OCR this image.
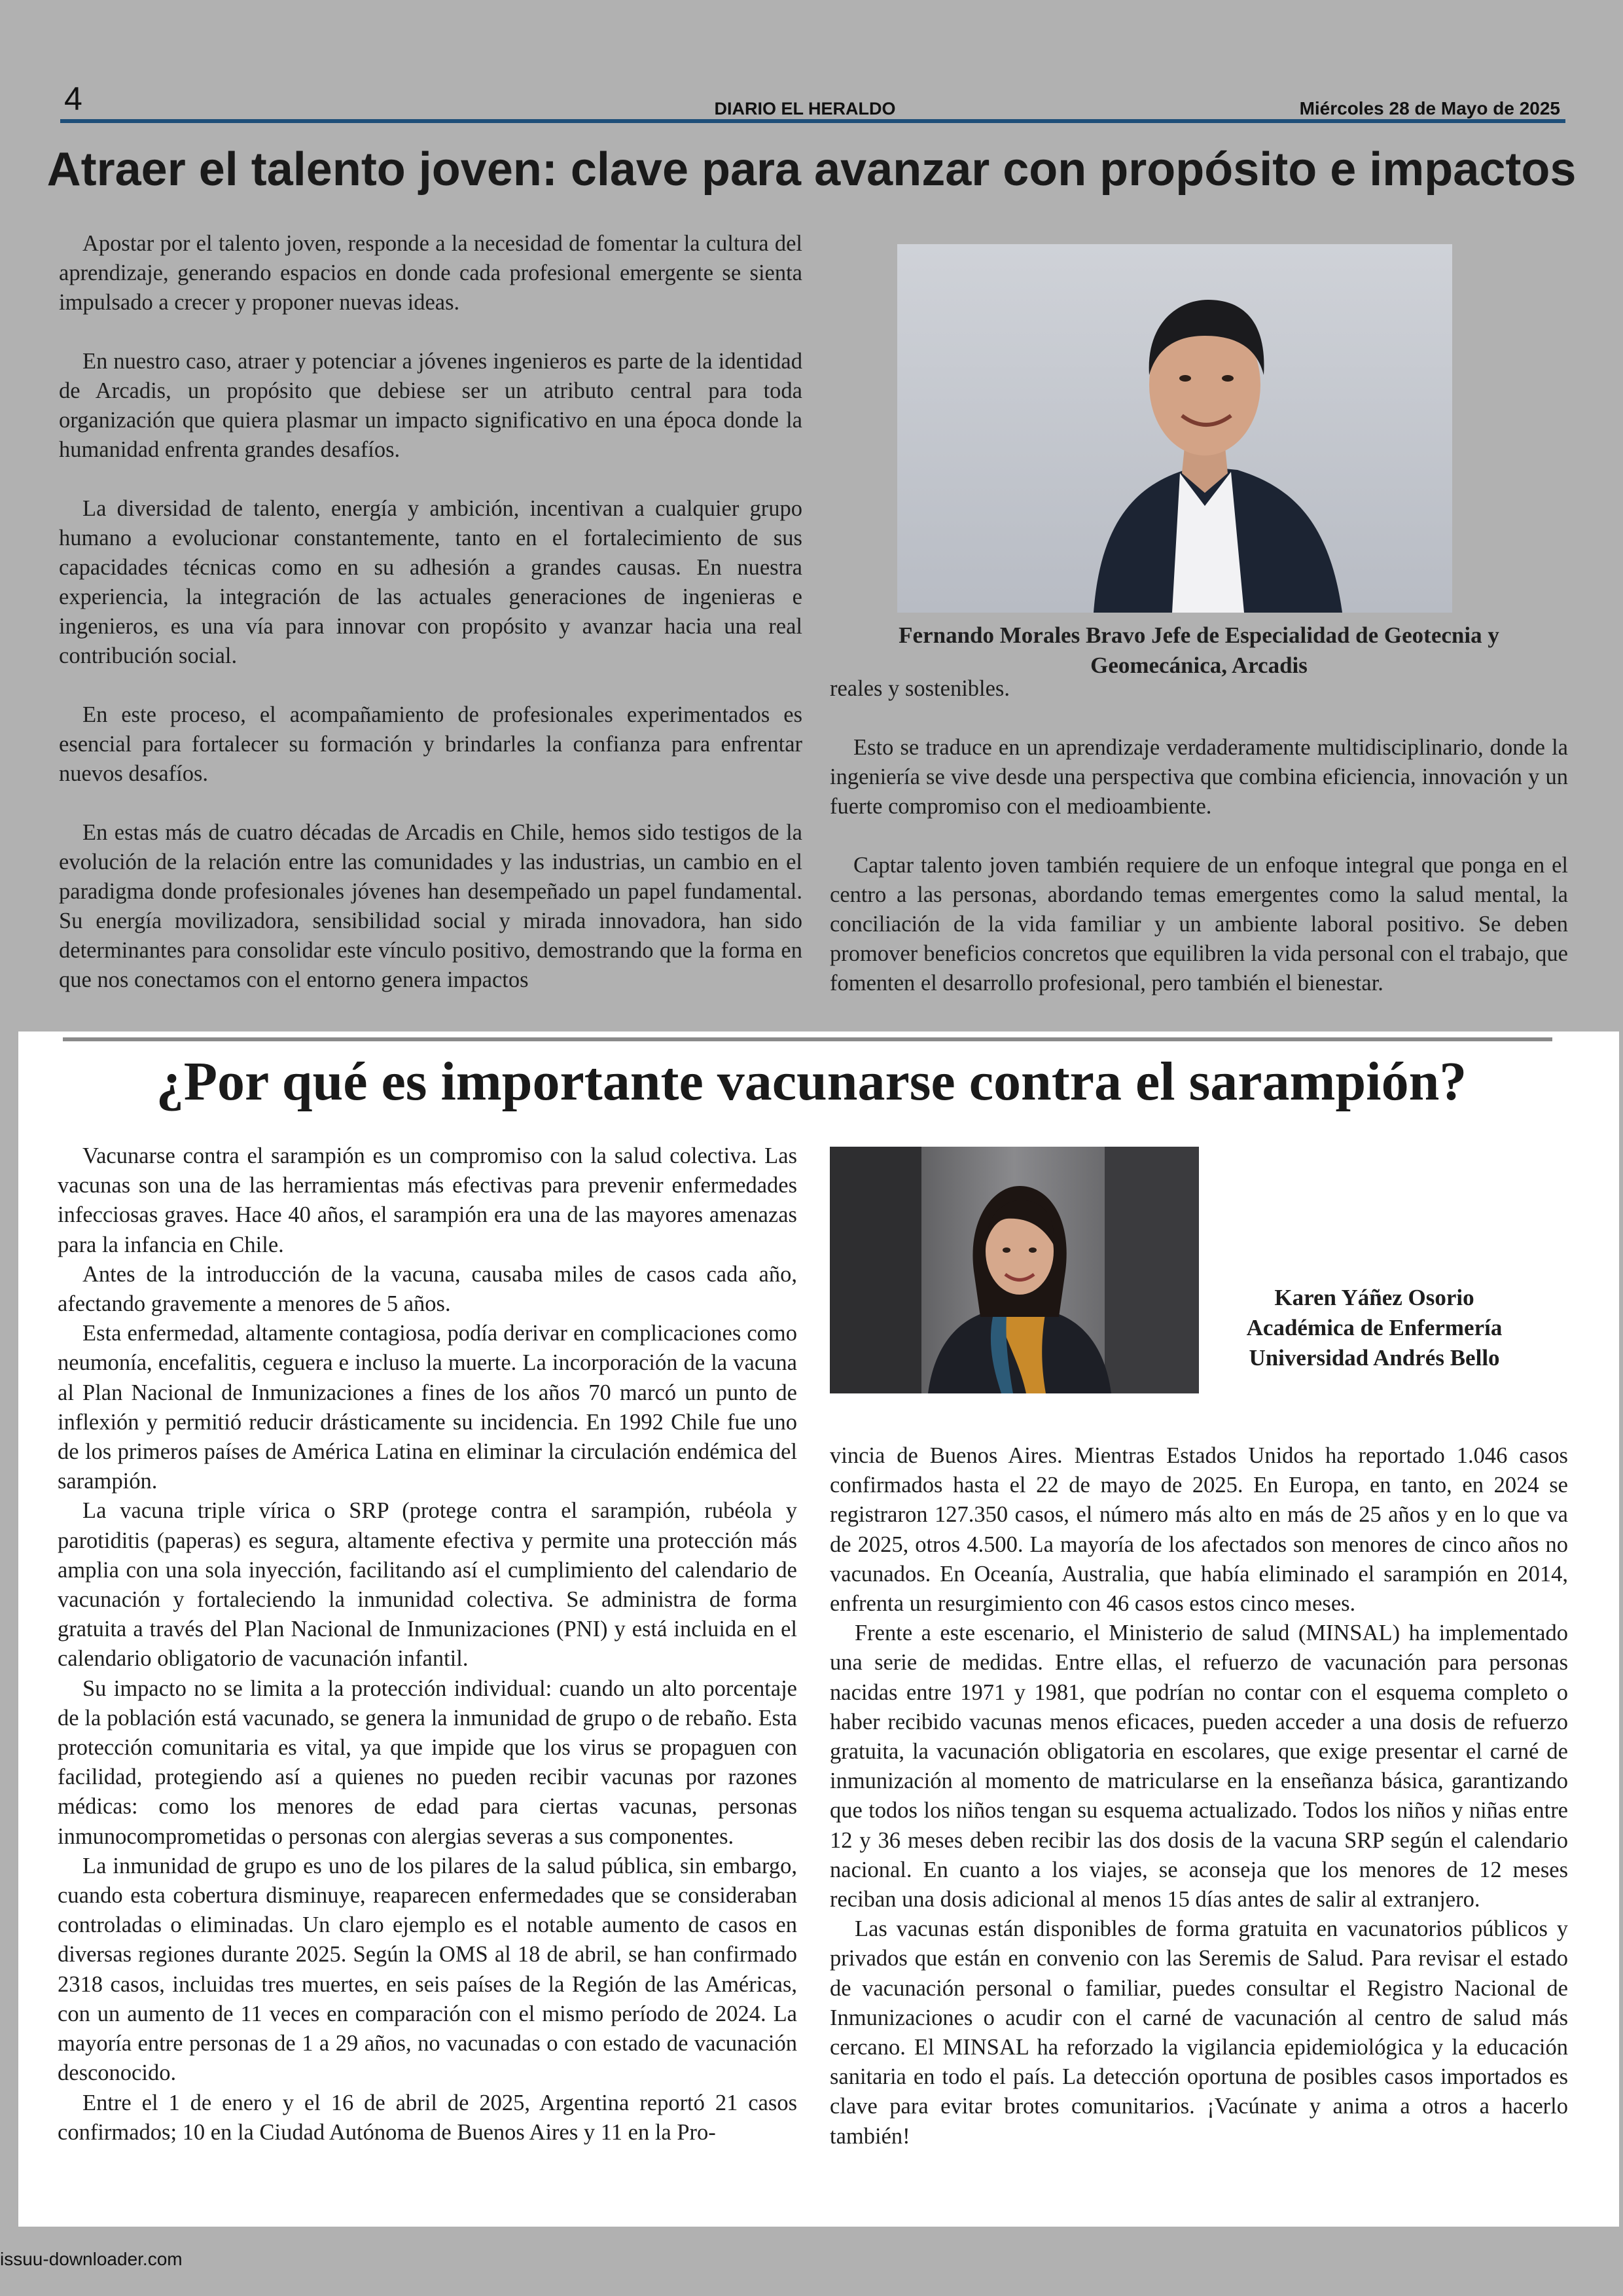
4	DIARIO EL HERALDO	Miércoles 28 de Mayo de 2025
Atraer el talento joven: clave para avanzar con propósito e impactos

Apostar por el talento joven, responde a la necesidad de fomentar la cultura del aprendizaje, generando espacios en donde cada profesional emergente se sienta impulsado a crecer y proponer nuevas ideas.

En nuestro caso, atraer y potenciar a jóvenes ingenieros es parte de la identidad de Arcadis, un propósito que debiese ser un atributo central para toda organización que quiera plasmar un impacto significativo en una época donde la humanidad enfrenta grandes desafíos.

La diversidad de talento, energía y ambición, incentivan a cualquier grupo humano a evolucionar constantemente, tanto en el fortalecimiento de sus capacidades técnicas como en su adhesión a grandes causas. En nuestra experiencia, la integración de las actuales generaciones de ingenieras e ingenieros, es una vía para innovar con propósito y avanzar hacia una real contribución social.

En este proceso, el acompañamiento de profesionales experimentados es esencial para fortalecer su formación y brindarles la confianza para enfrentar nuevos desafíos.

En estas más de cuatro décadas de Arcadis en Chile, hemos sido testigos de la evolución de la relación entre las comunidades y las industrias, un cambio en el paradigma donde profesionales jóvenes han desempeñado un papel fundamental. Su energía movilizadora, sensibilidad social y mirada innovadora, han sido determinantes para consolidar este vínculo positivo, demostrando que la forma en que nos conectamos con el entorno genera impactos

Fernando Morales Bravo Jefe de Especialidad de Geotecnia y Geomecánica, Arcadis

reales y sostenibles.

Esto se traduce en un aprendizaje verdaderamente multidisciplinario, donde la ingeniería se vive desde una perspectiva que combina eficiencia, innovación y un fuerte compromiso con el medioambiente.

Captar talento joven también requiere de un enfoque integral que ponga en el centro a las personas, abordando temas emergentes como la salud mental, la conciliación de la vida familiar y un ambiente laboral positivo. Se deben promover beneficios concretos que equilibren la vida personal con el trabajo, que fomenten el desarrollo profesional, pero también el bienestar.

¿Por qué es importante vacunarse contra el sarampión?

Vacunarse contra el sarampión es un compromiso con la salud colectiva. Las vacunas son una de las herramientas más efectivas para prevenir enfermedades infecciosas graves. Hace 40 años, el sarampión era una de las mayores amenazas para la infancia en Chile.

Antes de la introducción de la vacuna, causaba miles de casos cada año, afectando gravemente a menores de 5 años.

Esta enfermedad, altamente contagiosa, podía derivar en complicaciones como neumonía, encefalitis, ceguera e incluso la muerte. La incorporación de la vacuna al Plan Nacional de Inmunizaciones a fines de los años 70 marcó un punto de inflexión y permitió reducir drásticamente su incidencia. En 1992 Chile fue uno de los primeros países de América Latina en eliminar la circulación endémica del sarampión.

La vacuna triple vírica o SRP (protege contra el sarampión, rubéola y parotiditis (paperas) es segura, altamente efectiva y permite una protección más amplia con una sola inyección, facilitando así el cumplimiento del calendario de vacunación y fortaleciendo la inmunidad colectiva. Se administra de forma gratuita a través del Plan Nacional de Inmunizaciones (PNI) y está incluida en el calendario obligatorio de vacunación infantil.

Su impacto no se limita a la protección individual: cuando un alto porcentaje de la población está vacunado, se genera la inmunidad de grupo o de rebaño. Esta protección comunitaria es vital, ya que impide que los virus se propaguen con facilidad, protegiendo así a quienes no pueden recibir vacunas por razones médicas: como los menores de edad para ciertas vacunas, personas inmunocomprometidas o personas con alergias severas a sus componentes.

La inmunidad de grupo es uno de los pilares de la salud pública, sin embargo, cuando esta cobertura disminuye, reaparecen enfermedades que se consideraban controladas o eliminadas. Un claro ejemplo es el notable aumento de casos en diversas regiones durante 2025. Según la OMS al 18 de abril, se han confirmado 2318 casos, incluidas tres muertes, en seis países de la Región de las Américas, con un aumento de 11 veces en comparación con el mismo período de 2024. La mayoría entre personas de 1 a 29 años, no vacunadas o con estado de vacunación desconocido.

Entre el 1 de enero y el 16 de abril de 2025, Argentina reportó 21 casos confirmados; 10 en la Ciudad Autónoma de Buenos Aires y 11 en la Pro-

Karen Yáñez Osorio
Académica de Enfermería
Universidad Andrés Bello

vincia de Buenos Aires. Mientras Estados Unidos ha reportado 1.046 casos confirmados hasta el 22 de mayo de 2025. En Europa, en tanto, en 2024 se registraron 127.350 casos, el número más alto en más de 25 años y en lo que va de 2025, otros 4.500. La mayoría de los afectados son menores de cinco años no vacunados. En Oceanía, Australia, que había eliminado el sarampión en 2014, enfrenta un resurgimiento con 46 casos estos cinco meses.

Frente a este escenario, el Ministerio de salud (MINSAL) ha implementado una serie de medidas. Entre ellas, el refuerzo de vacunación para personas nacidas entre 1971 y 1981, que podrían no contar con el esquema completo o haber recibido vacunas menos eficaces, pueden acceder a una dosis de refuerzo gratuita, la vacunación obligatoria en escolares, que exige presentar el carné de inmunización al momento de matricularse en la enseñanza básica, garantizando que todos los niños tengan su esquema actualizado. Todos los niños y niñas entre 12 y 36 meses deben recibir las dos dosis de la vacuna SRP según el calendario nacional. En cuanto a los viajes, se aconseja que los menores de 12 meses reciban una dosis adicional al menos 15 días antes de salir al extranjero.

Las vacunas están disponibles de forma gratuita en vacunatorios públicos y privados que están en convenio con las Seremis de Salud. Para revisar el estado de vacunación personal o familiar, puedes consultar el Registro Nacional de Inmunizaciones o acudir con el carné de vacunación al centro de salud más cercano. El MINSAL ha reforzado la vigilancia epidemiológica y la educación sanitaria en todo el país. La detección oportuna de posibles casos importados es clave para evitar brotes comunitarios. ¡Vacúnate y anima a otros a hacerlo también!

issuu-downloader.com
